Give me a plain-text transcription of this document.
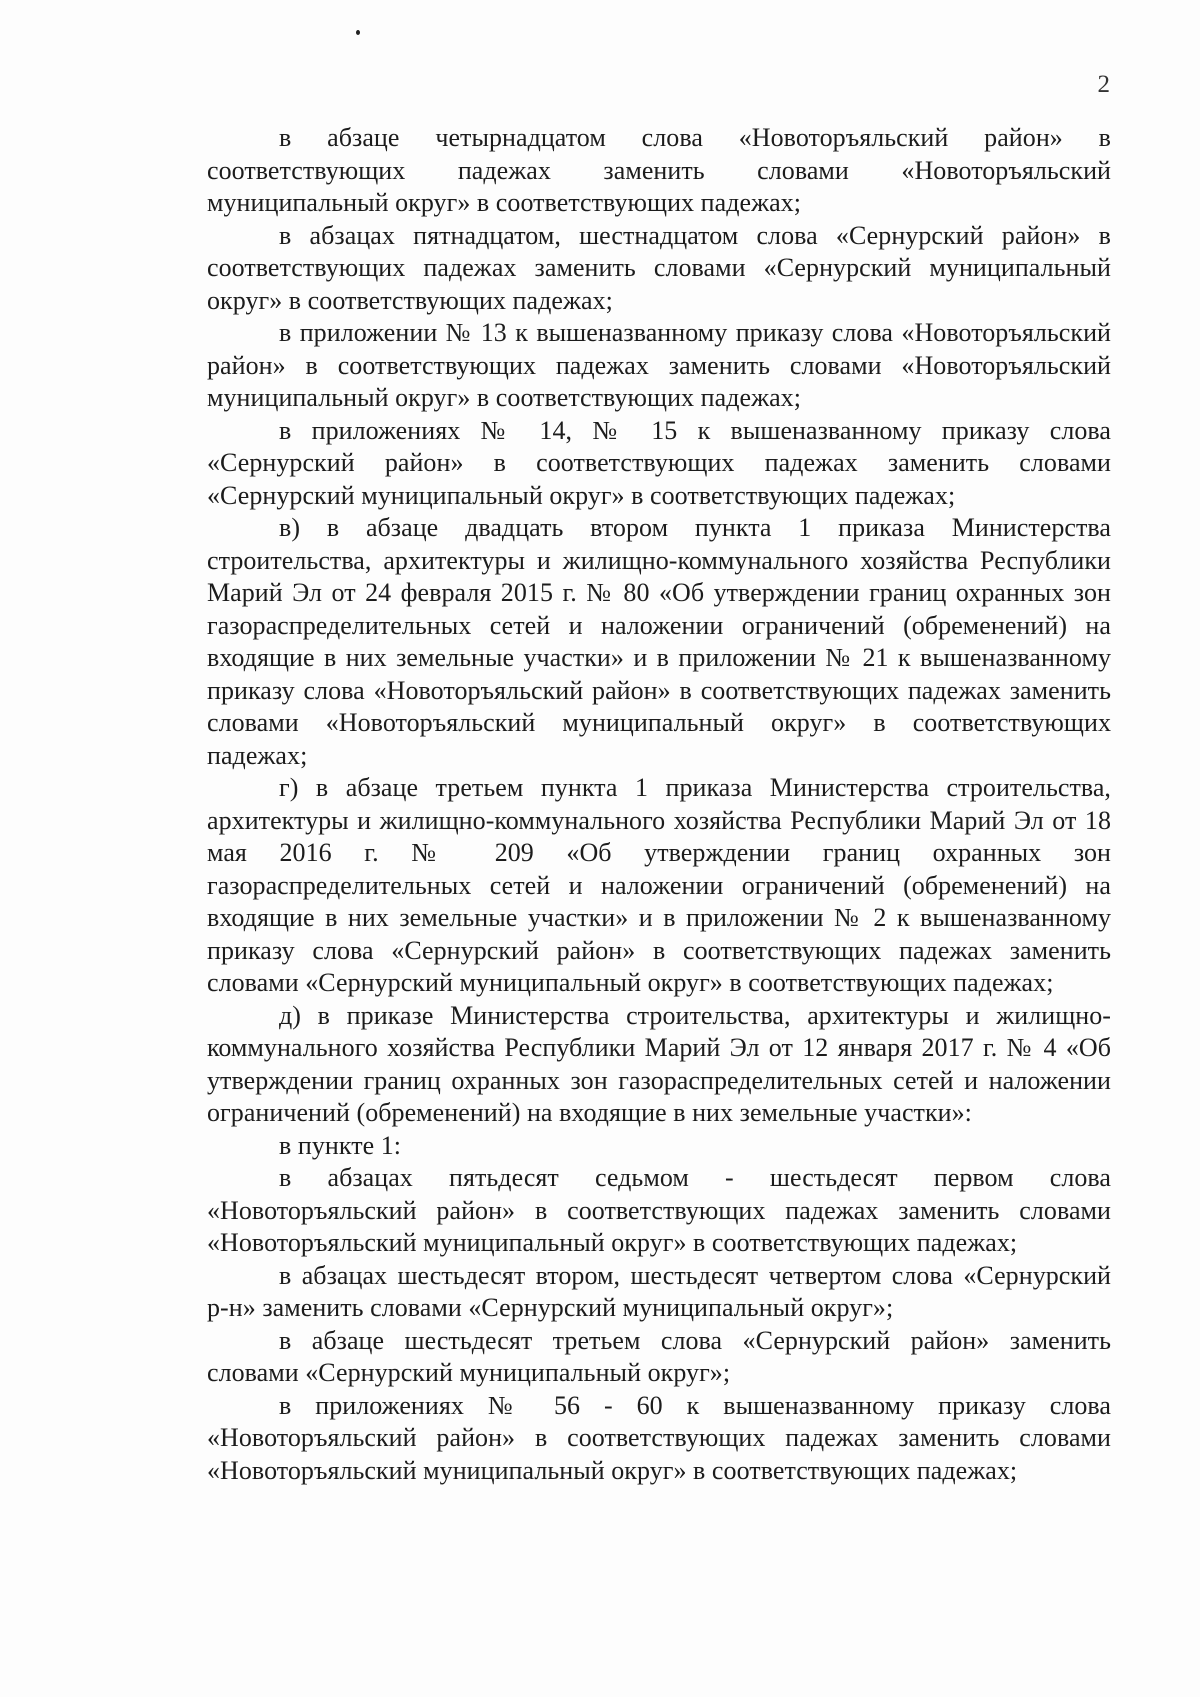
2

в абзаце четырнадцатом слова «Новоторъяльский район» в соответствующих падежах заменить словами «Новоторъяльский муниципальный округ» в соответствующих падежах;

в абзацах пятнадцатом, шестнадцатом слова «Сернурский район» в соответствующих падежах заменить словами «Сернурский муниципальный округ» в соответствующих падежах;

в приложении № 13 к вышеназванному приказу слова «Новоторъяльский район» в соответствующих падежах заменить словами «Новоторъяльский муниципальный округ» в соответствующих падежах;

в приложениях № 14, № 15 к вышеназванному приказу слова «Сернурский район» в соответствующих падежах заменить словами «Сернурский муниципальный округ» в соответствующих падежах;

в) в абзаце двадцать втором пункта 1 приказа Министерства строительства, архитектуры и жилищно-коммунального хозяйства Республики Марий Эл от 24 февраля 2015 г. № 80 «Об утверждении границ охранных зон газораспределительных сетей и наложении ограничений (обременений) на входящие в них земельные участки» и в приложении № 21 к вышеназванному приказу слова «Новоторъяльский район» в соответствующих падежах заменить словами «Новоторъяльский муниципальный округ» в соответствующих падежах;

г) в абзаце третьем пункта 1 приказа Министерства строительства, архитектуры и жилищно-коммунального хозяйства Республики Марий Эл от 18 мая 2016 г. № 209 «Об утверждении границ охранных зон газораспределительных сетей и наложении ограничений (обременений) на входящие в них земельные участки» и в приложении № 2 к вышеназванному приказу слова «Сернурский район» в соответствующих падежах заменить словами «Сернурский муниципальный округ» в соответствующих падежах;

д) в приказе Министерства строительства, архитектуры и жилищно-коммунального хозяйства Республики Марий Эл от 12 января 2017 г. № 4 «Об утверждении границ охранных зон газораспределительных сетей и наложении ограничений (обременений) на входящие в них земельные участки»:

в пункте 1:

в абзацах пятьдесят седьмом - шестьдесят первом слова «Новоторъяльский район» в соответствующих падежах заменить словами «Новоторъяльский муниципальный округ» в соответствующих падежах;

в абзацах шестьдесят втором, шестьдесят четвертом слова «Сернурский р-н» заменить словами «Сернурский муниципальный округ»;

в абзаце шестьдесят третьем слова «Сернурский район» заменить словами «Сернурский муниципальный округ»;

в приложениях № 56 - 60 к вышеназванному приказу слова «Новоторъяльский район» в соответствующих падежах заменить словами «Новоторъяльский муниципальный округ» в соответствующих падежах;
